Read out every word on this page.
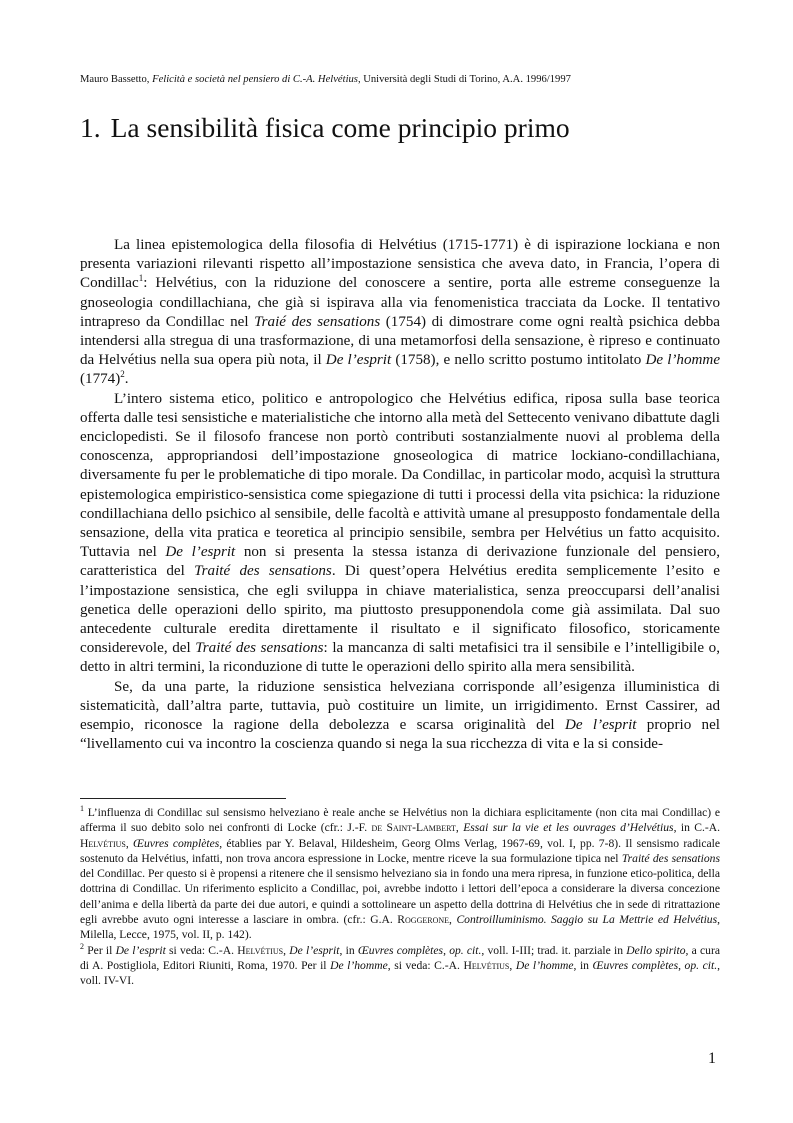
Mauro Bassetto, Felicità e società nel pensiero di C.-A. Helvétius, Università degli Studi di Torino, A.A. 1996/1997
1. La sensibilità fisica come principio primo

La linea epistemologica della filosofia di Helvétius (1715-1771) è di ispirazione lockiana e non presenta variazioni rilevanti rispetto all’impostazione sensistica che aveva dato, in Francia, l’opera di Condillac$^1$: Helvétius, con la riduzione del conoscere a sentire, porta alle estreme conseguenze la gnoseologia condillachiana, che già si ispirava alla via fenomenistica tracciata da Locke. Il tentativo intrapreso da Condillac nel Traié des sensations (1754) di dimostrare come ogni realtà psichica debba intendersi alla stregua di una trasformazione, di una metamorfosi della sensazione, è ripreso e continuato da Helvétius nella sua opera più nota, il De l’esprit (1758), e nello scritto postumo intitolato De l’homme $(1774)^2$.

L’intero sistema etico, politico e antropologico che Helvétius edifica, riposa sulla base teorica offerta dalle tesi sensistiche e materialistiche che intorno alla metà del Settecento venivano dibattute dagli enciclopedisti. Se il filosofo francese non portò contributi sostanzialmente nuovi al problema della conoscenza, appropriandosi dell’impostazione gnoseologica di matrice lockiano-condillachiana, diversamente fu per le problematiche di tipo morale. Da Condillac, in particolar modo, acquisì la struttura epistemologica empiristico-sensistica come spiegazione di tutti i processi della vita psichica: la riduzione condillachiana dello psichico al sensibile, delle facoltà e attività umane al presupposto fondamentale della sensazione, della vita pratica e teoretica al principio sensibile, sembra per Helvétius un fatto acquisito. Tuttavia nel De l’esprit non si presenta la stessa istanza di derivazione funzionale del pensiero, caratteristica del Traité des sensations. Di quest’opera Helvétius eredita semplicemente l’esito e l’impostazione sensistica, che egli sviluppa in chiave materialistica, senza preoccuparsi dell’analisi genetica delle operazioni dello spirito, ma piuttosto presupponendola come già assimilata. Dal suo antecedente culturale eredita direttamente il risultato e il significato filosofico, storicamente considerevole, del Traité des sensations: la mancanza di salti metafisici tra il sensibile e l’intelligibile o, detto in altri termini, la riconduzione di tutte le operazioni dello spirito alla mera sensibilità.

Se, da una parte, la riduzione sensistica helveziana corrisponde all’esigenza illuministica di sistematicità, dall’altra parte, tuttavia, può costituire un limite, un irrigidimento. Ernst Cassirer, ad esempio, riconosce la ragione della debolezza e scarsa originalità del De l’esprit proprio nel “livellamento cui va incontro la coscienza quando si nega la sua ricchezza di vita e la si conside-

$^1$ L’influenza di Condillac sul sensismo helveziano è reale anche se Helvétius non la dichiara esplicitamente (non cita mai Condillac) e afferma il suo debito solo nei confronti di Locke (cfr.: J.-F. de Saint-Lambert, Essai sur la vie et les ouvrages d’Helvétius, in C.-A. Helvétius, Œuvres complètes, établies par Y. Belaval, Hildesheim, Georg Olms Verlag, 1967-69, vol. I, pp. 7-8). Il sensismo radicale sostenuto da Helvétius, infatti, non trova ancora espressione in Locke, mentre riceve la sua formulazione tipica nel Traité des sensations del Condillac. Per questo si è propensi a ritenere che il sensismo helveziano sia in fondo una mera ripresa, in funzione etico-politica, della dottrina di Condillac. Un riferimento esplicito a Condillac, poi, avrebbe indotto i lettori dell’epoca a considerare la diversa concezione dell’anima e della libertà da parte dei due autori, e quindi a sottolineare un aspetto della dottrina di Helvétius che in sede di ritrattazione egli avrebbe avuto ogni interesse a lasciare in ombra. (cfr.: G.A. Roggerone, Controilluminismo. Saggio su La Mettrie ed Helvétius, Milella, Lecce, 1975, vol. II, p. 142).

$^2$ Per il De l’esprit si veda: C.-A. Helvétius, De l’esprit, in Œuvres complètes, op. cit., voll. I-III; trad. it. parziale in Dello spirito, a cura di A. Postigliola, Editori Riuniti, Roma, 1970. Per il De l’homme, si veda: C.-A. Helvétius, De l’homme, in Œuvres complètes, op. cit., voll. IV-VI.

1
